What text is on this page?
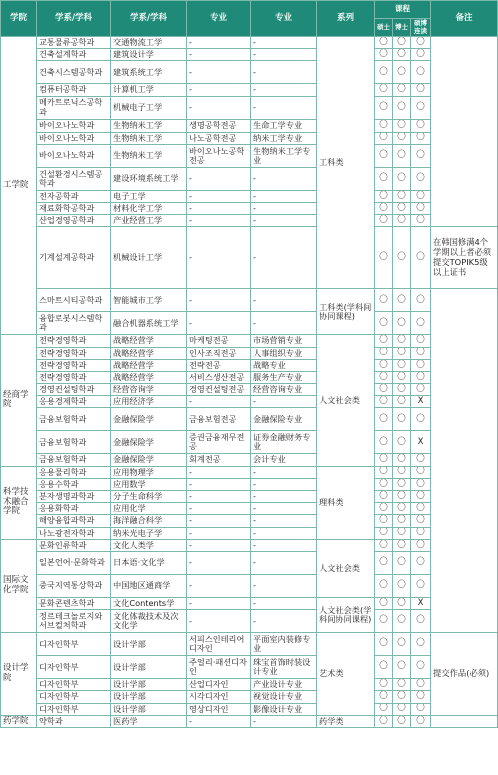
学院	学系/学科	学系/学科	专业	专业	系列	课程			备注
						硕士	博士	硕博连读	
工学院	교통물류공학과	交通物流工学	-	-	工科类	〇	〇	〇	
	건축설계학과	建筑设计学	-	-		〇	〇	〇	
	건축시스템공학과	建筑系统工学	-	-		〇	〇	〇	
	컴퓨터공학과	计算机工学	-	-		〇	〇	〇	
	메카트로닉스공학과	机械电子工学	-	-		〇	〇	〇	
	바이오나노학과	生物纳米工学	생명공학전공	生命工学专业		〇	〇	〇	
	바이오나노학과	生物纳米工学	나노공학전공	纳米工学专业		〇	〇	〇	
	바이오나노학과	生物纳米工学	바이오나노공학전공	生物纳米工学专业		〇	〇	〇	
	건설환경시스템공학과	建设环境系统工学	-	-		〇	〇	〇	
	전자공학과	电子工学	-	-		〇	〇	〇	
	재료화학공학과	材料化学工学	-	-		〇	〇	〇	
	산업경영공학과	产业经营工学	-	-		〇	〇	〇	
	기계설계공학과	机械设计工学	-	-		〇	〇	〇	在韩国修满4个学期以上者必须提交TOPIK5级以上证书
	스마트시티공학과	智能城市工学	-	-	工科类(学科间协同课程)	〇	〇	〇	
	융합로봇시스템학과	融合机器系统工学	-	-		〇	〇	〇	
经商学院	전략경영학과	战略经营学	마케팅전공	市场营销专业	人文社会类	〇	〇	〇	
	전략경영학과	战略经营学	인사조직전공	人事组织专业		〇	〇	〇	
	전략경영학과	战略经营学	전략전공	战略专业		〇	〇	〇	
	전략경영학과	战略经营学	서비스생산전공	服务生产专业		〇	〇	〇	
	경영컨설팅학과	经营咨询学	경영컨설팅전공	经营咨询专业		〇	〇	〇	
	응용경제학과	应用经济学	-	-		〇	〇	X	
	금융보험학과	金融保险学	금융보험전공	金融保险专业		〇	〇	〇	
	금융보험학과	金融保险学	증권금융재무전공	证券金融财务专业		〇	〇	X	
	금융보험학과	金融保险学	회계전공	会计专业		〇	〇	〇	
科学技术融合学院	응용물리학과	应用物理学	-	-	理科类	〇	〇	〇	
	응용수학과	应用数学	-	-		〇	〇	〇	
	분자생명과학과	分子生命科学	-	-		〇	〇	〇	
	응용화학과	应用化学	-	-		〇	〇	〇	
	해양융합과학과	海洋融合科学	-	-		〇	〇	〇	
	나노광전자학과	纳米光电子学	-	-		〇	〇	〇	
国际文化学院	문화인류학과	文化人类学	-	-	人文社会类	〇	〇	〇	
	일본언어·문화학과	日本语·文化学	-	-		〇	〇	〇	
	중국지역통상학과	中国地区通商学	-	-		〇	〇	〇	
	문화콘텐츠학과	文化Contents学	-	-	人文社会类(学科间协同课程)	〇	〇	X	
	정르테크놀로지와 서브컬처학과	文化体裁技术及次文化学	-	-		〇	〇	〇	
设计学院	디자인학부	设计学部	서피스인테리어디자인	平面室内装修专业	艺术类	〇	〇	〇	提交作品(必须)
	디자인학부	设计学部	주얼리·패션디자인	珠宝首饰时装设计专业		〇	〇	〇	
	디자인학부	设计学部	산업디자인	产业设计专业		〇	〇	〇	
	디자인학부	设计学部	시각디자인	视觉设计专业		〇	〇	〇	
	디자인학부	设计学部	영상디자인	影像设计专业		〇	〇	〇	
药学院	약학과	医药学	-	-	药学类	〇	〇	〇	
